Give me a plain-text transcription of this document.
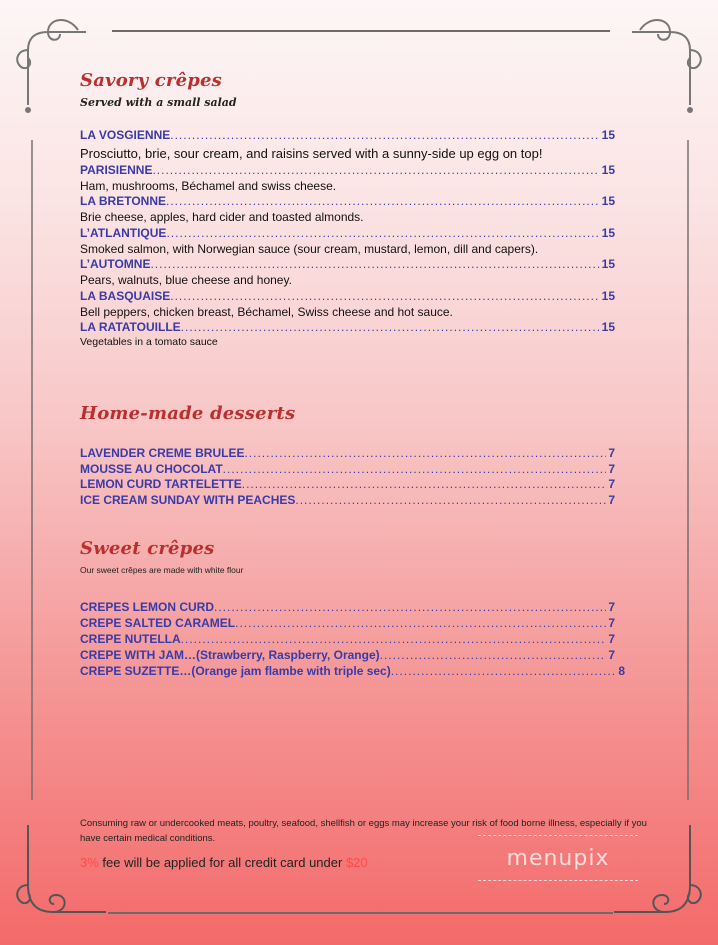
Savory crêpes
Served with a small salad
LA VOSGIENNE .....	15
Prosciutto, brie, sour cream, and raisins served with a sunny-side up egg on top!
PARISIENNE .....	15
Ham, mushrooms, Béchamel and swiss cheese.
LA BRETONNE .....	15
Brie cheese, apples, hard cider and toasted almonds.
L’ATLANTIQUE .....	15
Smoked salmon, with Norwegian sauce (sour cream, mustard, lemon, dill and capers).
L’AUTOMNE .....	15
Pears, walnuts, blue cheese and honey.
LA BASQUAISE .....	15
Bell peppers, chicken breast, Béchamel, Swiss cheese and hot sauce.
LA RATATOUILLE .....	15
Vegetables in a tomato sauce
Home-made desserts
LAVENDER CREME BRULEE .....	7
MOUSSE AU CHOCOLAT .....	7
LEMON CURD TARTELETTE .....	7
ICE CREAM SUNDAY WITH PEACHES .....	7
Sweet crêpes
Our sweet crêpes are made with white flour
CREPES LEMON CURD .....	7
CREPE SALTED CARAMEL .....	7
CREPE NUTELLA .....	7
CREPE WITH JAM…(Strawberry, Raspberry, Orange) .....	7
CREPE SUZETTE…(Orange jam flambe with triple sec) .....	8
Consuming raw or undercooked meats, poultry, seafood, shellfish or eggs may increase your risk of food borne illness, especially if you have certain medical conditions.
3% fee will be applied for all credit card under $20	menupix
